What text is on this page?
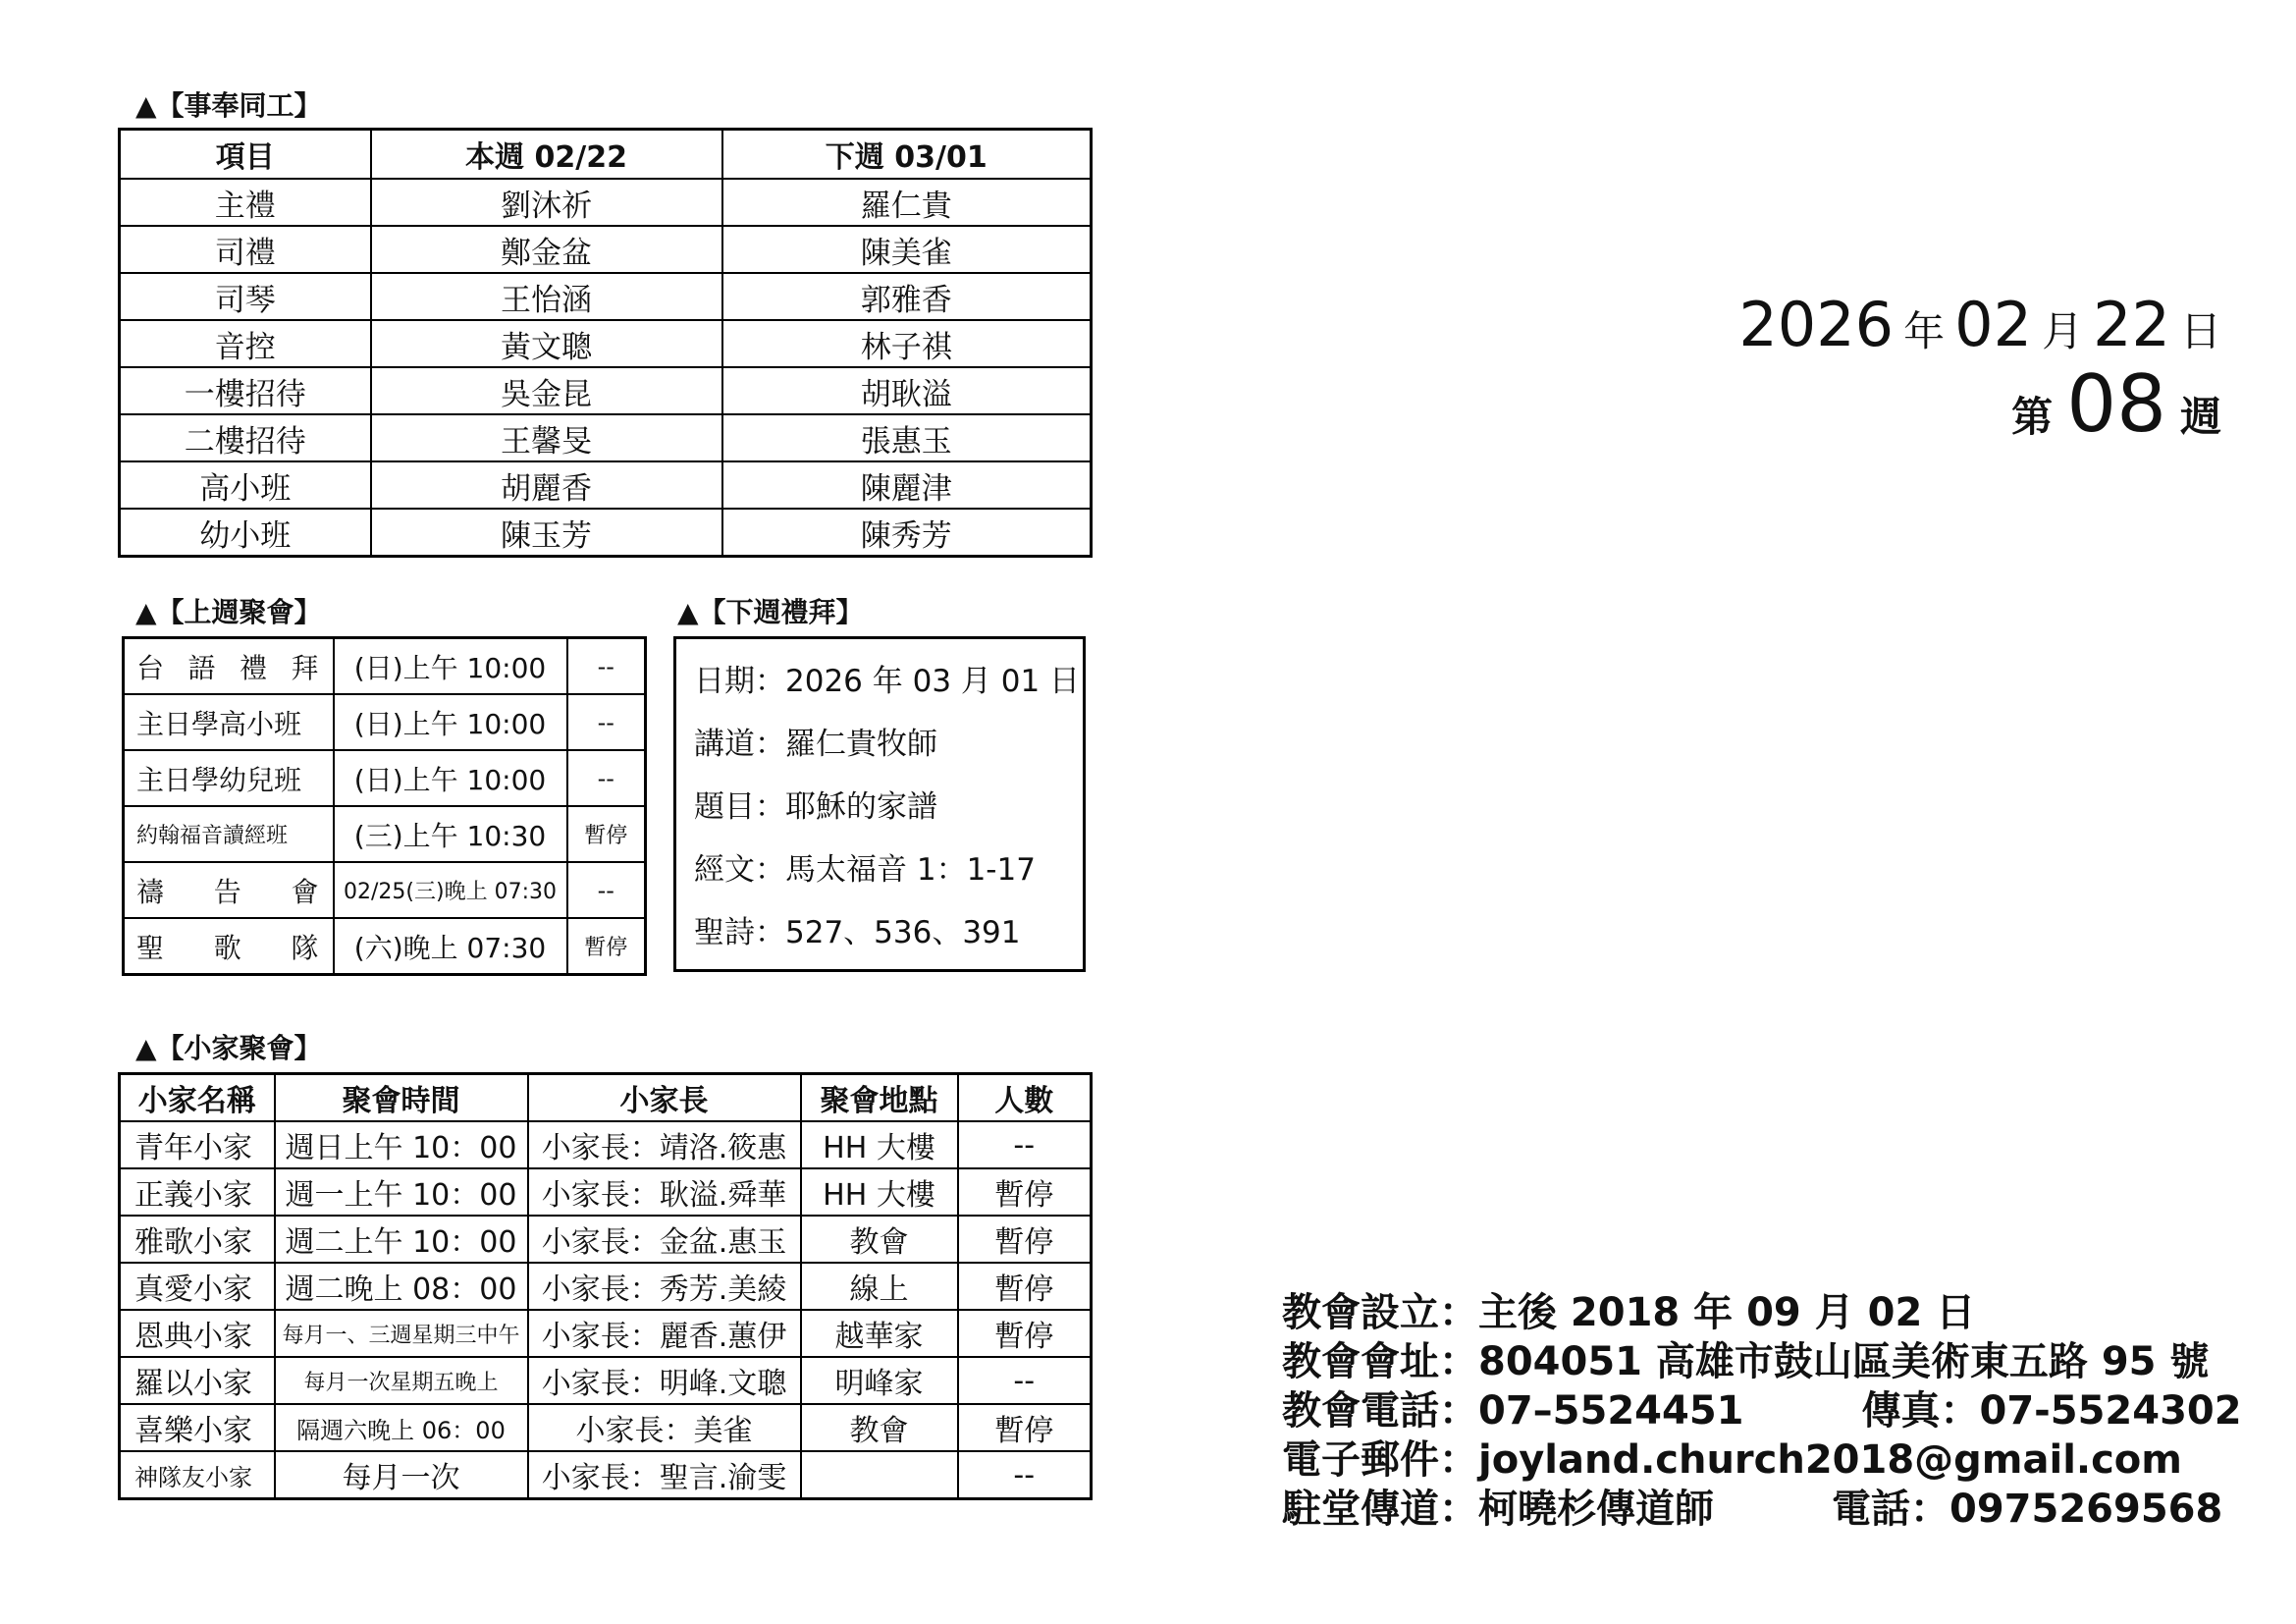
▲【事奉同工】
項目	本週 02/22	下週 03/01
主禮	劉沐祈	羅仁貴
司禮	鄭金盆	陳美雀
司琴	王怡涵	郭雅香
音控	黃文聰	林子祺
一樓招待	吳金昆	胡耿溢
二樓招待	王馨旻	張惠玉
高小班	胡麗香	陳麗津
幼小班	陳玉芳	陳秀芳
▲【上週聚會】
台語禮拜	(日)上午 10:00	--
主日學高小班	(日)上午 10:00	--
主日學幼兒班	(日)上午 10:00	--
約翰福音讀經班	(三)上午 10:30	暫停
禱告會	02/25(三)晚上 07:30	--
聖歌隊	(六)晚上 07:30	暫停
▲【下週禮拜】
日期：2026 年 03 月 01 日
講道：羅仁貴牧師
題目：耶穌的家譜
經文：馬太福音 1：1-17
聖詩：527、536、391
▲【小家聚會】
小家名稱	聚會時間	小家長	聚會地點	人數
青年小家	週日上午 10：00	小家長：靖洛.筱惠	HH 大樓	--
正義小家	週一上午 10：00	小家長：耿溢.舜華	HH 大樓	暫停
雅歌小家	週二上午 10：00	小家長：金盆.惠玉	教會	暫停
真愛小家	週二晚上 08：00	小家長：秀芳.美綾	線上	暫停
恩典小家	每月一、三週星期三中午	小家長：麗香.蕙伊	越華家	暫停
羅以小家	每月一次星期五晚上	小家長：明峰.文聰	明峰家	--
喜樂小家	隔週六晚上 06：00	小家長：美雀	教會	暫停
神隊友小家	每月一次	小家長：聖言.渝雯		--
2026 年 02 月 22 日
第 08 週
教會設立：主後 2018 年 09 月 02 日
教會會址：804051 高雄市鼓山區美術東五路 95 號
教會電話：07–5524451	傳真：07-5524302
電子郵件：joyland.church2018@gmail.com
駐堂傳道：柯曉杉傳道師	電話：0975269568
